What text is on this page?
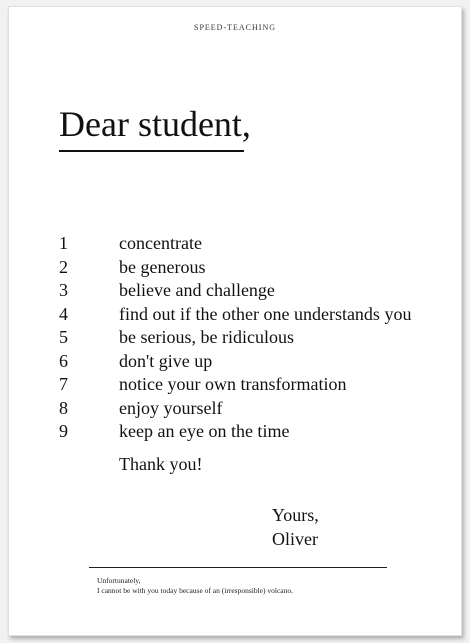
SPEED-TEACHING
Dear student,
1	concentrate
2	be generous
3	believe and challenge
4	find out if the other one understands you
5	be serious, be ridiculous
6	don't give up
7	notice your own transformation
8	enjoy yourself
9	keep an eye on the time
Thank you!
Yours,
Oliver
Unfortunately,
I cannot be with you today because of an (irresponsible) volcano.
